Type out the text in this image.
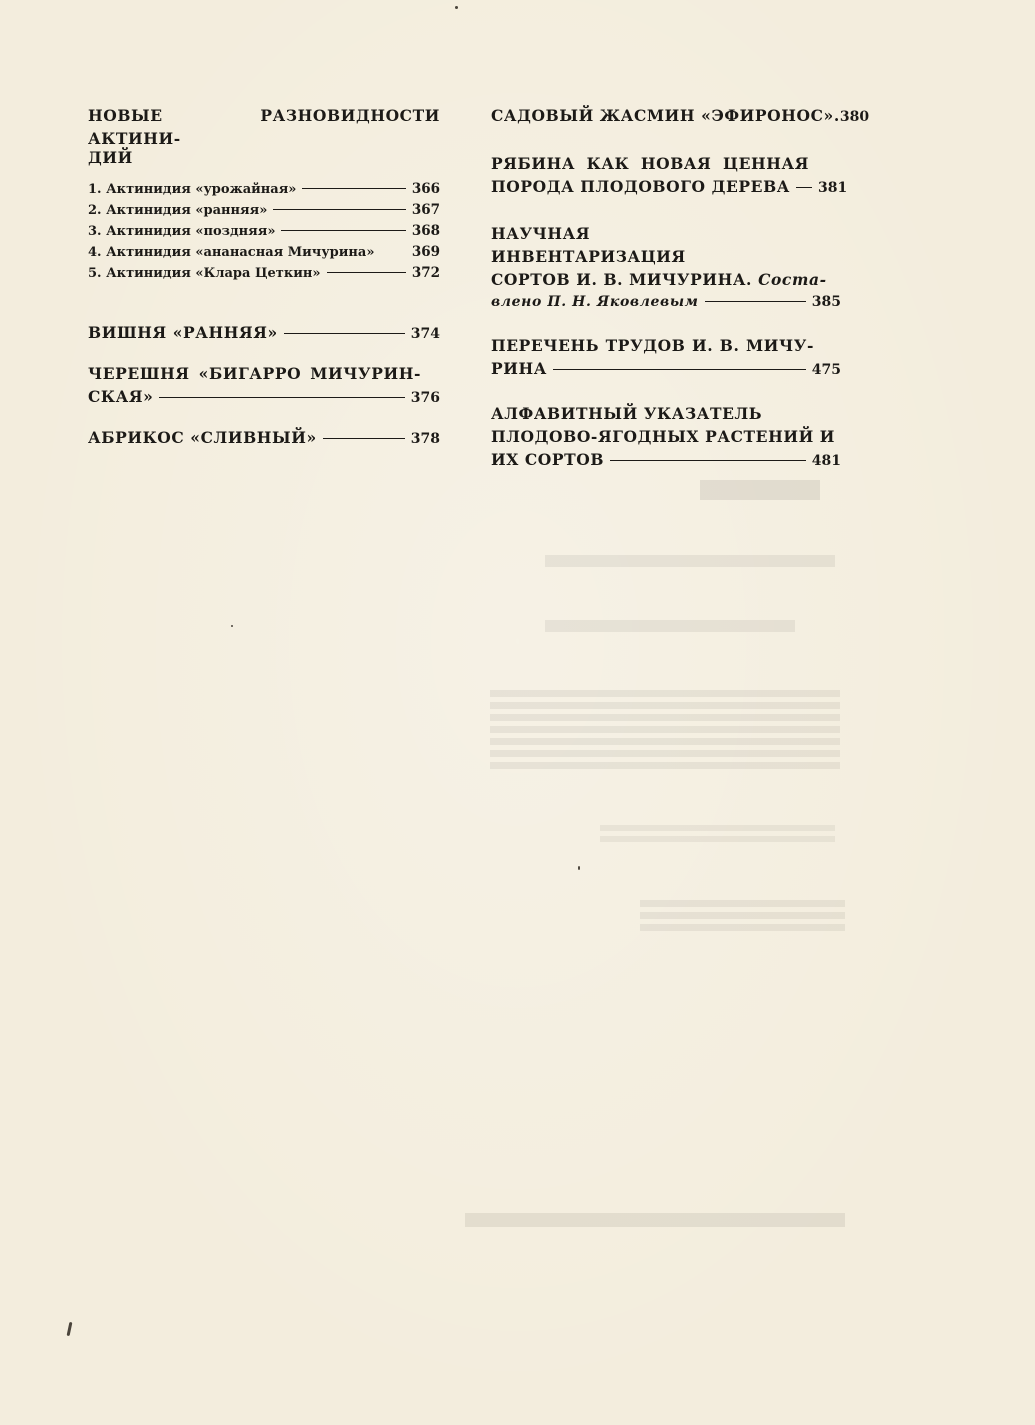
НОВЫЕ РАЗНОВИДНОСТИ АКТИНИ-
ДИЙ
1. Актинидия «урожайная»	366
2. Актинидия «ранняя»	367
3. Актинидия «поздняя»	368
4. Актинидия «ананасная Мичурина»	369
5. Актинидия «Клара Цеткин»	372
ВИШНЯ «РАННЯЯ»	374
ЧЕРЕШНЯ «БИГАРРО МИЧУРИН-
СКАЯ»	376
АБРИКОС «СЛИВНЫЙ»	378
САДОВЫЙ ЖАСМИН «ЭФИРОНОС». 380
РЯБИНА КАК НОВАЯ ЦЕННАЯ
ПОРОДА ПЛОДОВОГО ДЕРЕВА 381
НАУЧНАЯ ИНВЕНТАРИЗАЦИЯ
СОРТОВ И. В. МИЧУРИНА. Соста-
влено П. Н. Яковлевым	385
ПЕРЕЧЕНЬ ТРУДОВ И. В. МИЧУ-
РИНА	475
АЛФАВИТНЫЙ УКАЗАТЕЛЬ
ПЛОДОВО-ЯГОДНЫХ РАСТЕНИЙ И
ИХ СОРТОВ	481
